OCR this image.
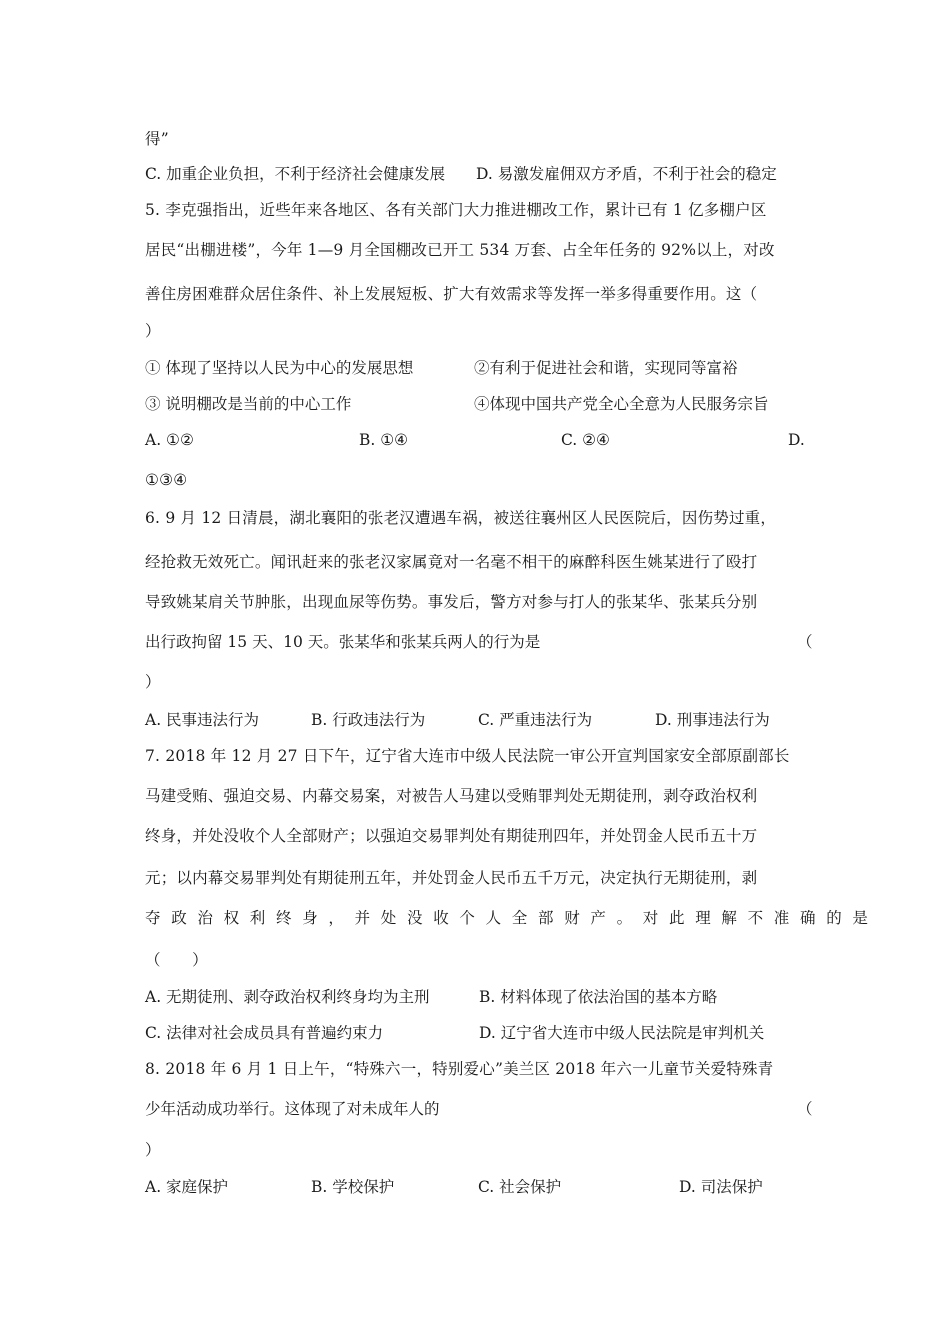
得”
C. 加重企业负担，不利于经济社会健康发展 D. 易激发雇佣双方矛盾，不利于社会的稳定
5. 李克强指出，近些年来各地区、各有关部门大力推进棚改工作，累计已有 1 亿多棚户区
居民“出棚进楼”，今年 1—9 月全国棚改已开工 534 万套、占全年任务的 92%以上，对改
善住房困难群众居住条件、补上发展短板、扩大有效需求等发挥一举多得重要作用。这（
）
① 体现了坚持以人民为中心的发展思想	②有利于促进社会和谐，实现同等富裕
③ 说明棚改是当前的中心工作	④体现中国共产党全心全意为人民服务宗旨
A. ①②	B. ①④	C. ②④	D.
①③④
6. 9 月 12 日清晨，湖北襄阳的张老汉遭遇车祸，被送往襄州区人民医院后，因伤势过重，
经抢救无效死亡。闻讯赶来的张老汉家属竟对一名毫不相干的麻醉科医生姚某进行了殴打
导致姚某肩关节肿胀，出现血尿等伤势。事发后，警方对参与打人的张某华、张某兵分别
出行政拘留 15 天、10 天。张某华和张某兵两人的行为是	（
）
A. 民事违法行为	B. 行政违法行为	C. 严重违法行为	D. 刑事违法行为
7. 2018 年 12 月 27 日下午，辽宁省大连市中级人民法院一审公开宣判国家安全部原副部长
马建受贿、强迫交易、内幕交易案，对被告人马建以受贿罪判处无期徒刑，剥夺政治权利
终身，并处没收个人全部财产；以强迫交易罪判处有期徒刑四年，并处罚金人民币五十万
元；以内幕交易罪判处有期徒刑五年，并处罚金人民币五千万元，决定执行无期徒刑，剥
夺政治权利终身，并处没收个人全部财产。对此理解不准确的是
（　　）
A. 无期徒刑、剥夺政治权利终身均为主刑	B. 材料体现了依法治国的基本方略
C. 法律对社会成员具有普遍约束力	D. 辽宁省大连市中级人民法院是审判机关
8. 2018 年 6 月 1 日上午，“特殊六一，特别爱心”美兰区 2018 年六一儿童节关爱特殊青
少年活动成功举行。这体现了对未成年人的	（
）
A. 家庭保护	B. 学校保护	C. 社会保护	D. 司法保护
